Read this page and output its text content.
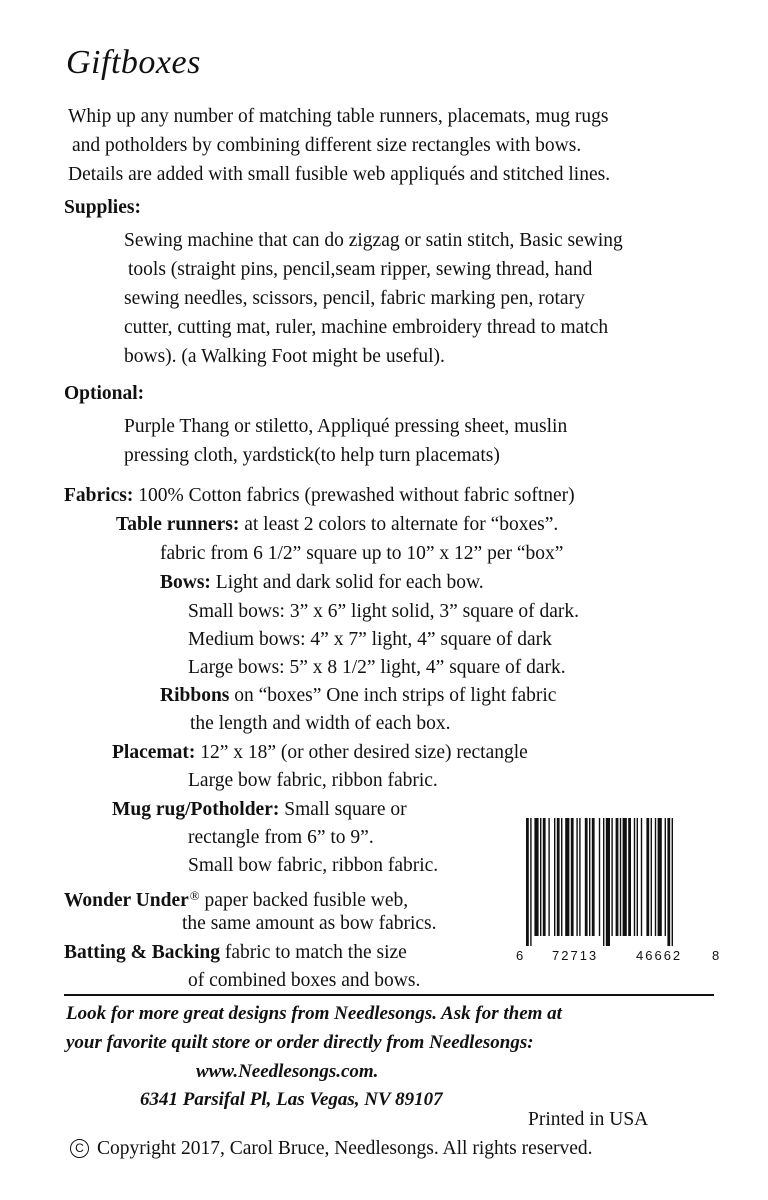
Giftboxes
Whip up any number of matching table runners, placemats, mug rugs
and potholders by combining different size rectangles with bows.
Details are added with small fusible web appliqués and stitched lines.
Supplies:
Sewing machine that can do zigzag or satin stitch, Basic sewing
tools (straight pins, pencil,seam ripper, sewing thread, hand
sewing needles, scissors, pencil, fabric marking pen, rotary
cutter, cutting mat, ruler, machine embroidery thread to match
bows). (a Walking Foot might be useful).
Optional:
Purple Thang or stiletto, Appliqué pressing sheet, muslin
pressing cloth, yardstick(to help turn placemats)
Fabrics: 100% Cotton fabrics (prewashed without fabric softner)
Table runners: at least 2 colors to alternate for “boxes”.
fabric from 6 1/2” square up to 10” x 12” per “box”
Bows: Light and dark solid for each bow.
Small bows: 3” x 6” light solid, 3” square of dark.
Medium bows: 4” x 7” light, 4” square of dark
Large bows: 5” x 8 1/2” light, 4” square of dark.
Ribbons on “boxes” One inch strips of light fabric
the length and width of each box.
Placemat: 12” x 18” (or other desired size) rectangle
Large bow fabric, ribbon fabric.
Mug rug/Potholder: Small square or
rectangle from 6” to 9”.
Small bow fabric, ribbon fabric.
Wonder Under® paper backed fusible web,
the same amount as bow fabrics.
Batting & Backing fabric to match the size
of combined boxes and bows.
6 72713	46662 8
Look for more great designs from Needlesongs. Ask for them at
your favorite quilt store or order directly from Needlesongs:
www.Needlesongs.com.
6341 Parsifal Pl, Las Vegas, NV 89107
Printed in USA
C Copyright 2017, Carol Bruce, Needlesongs. All rights reserved.
